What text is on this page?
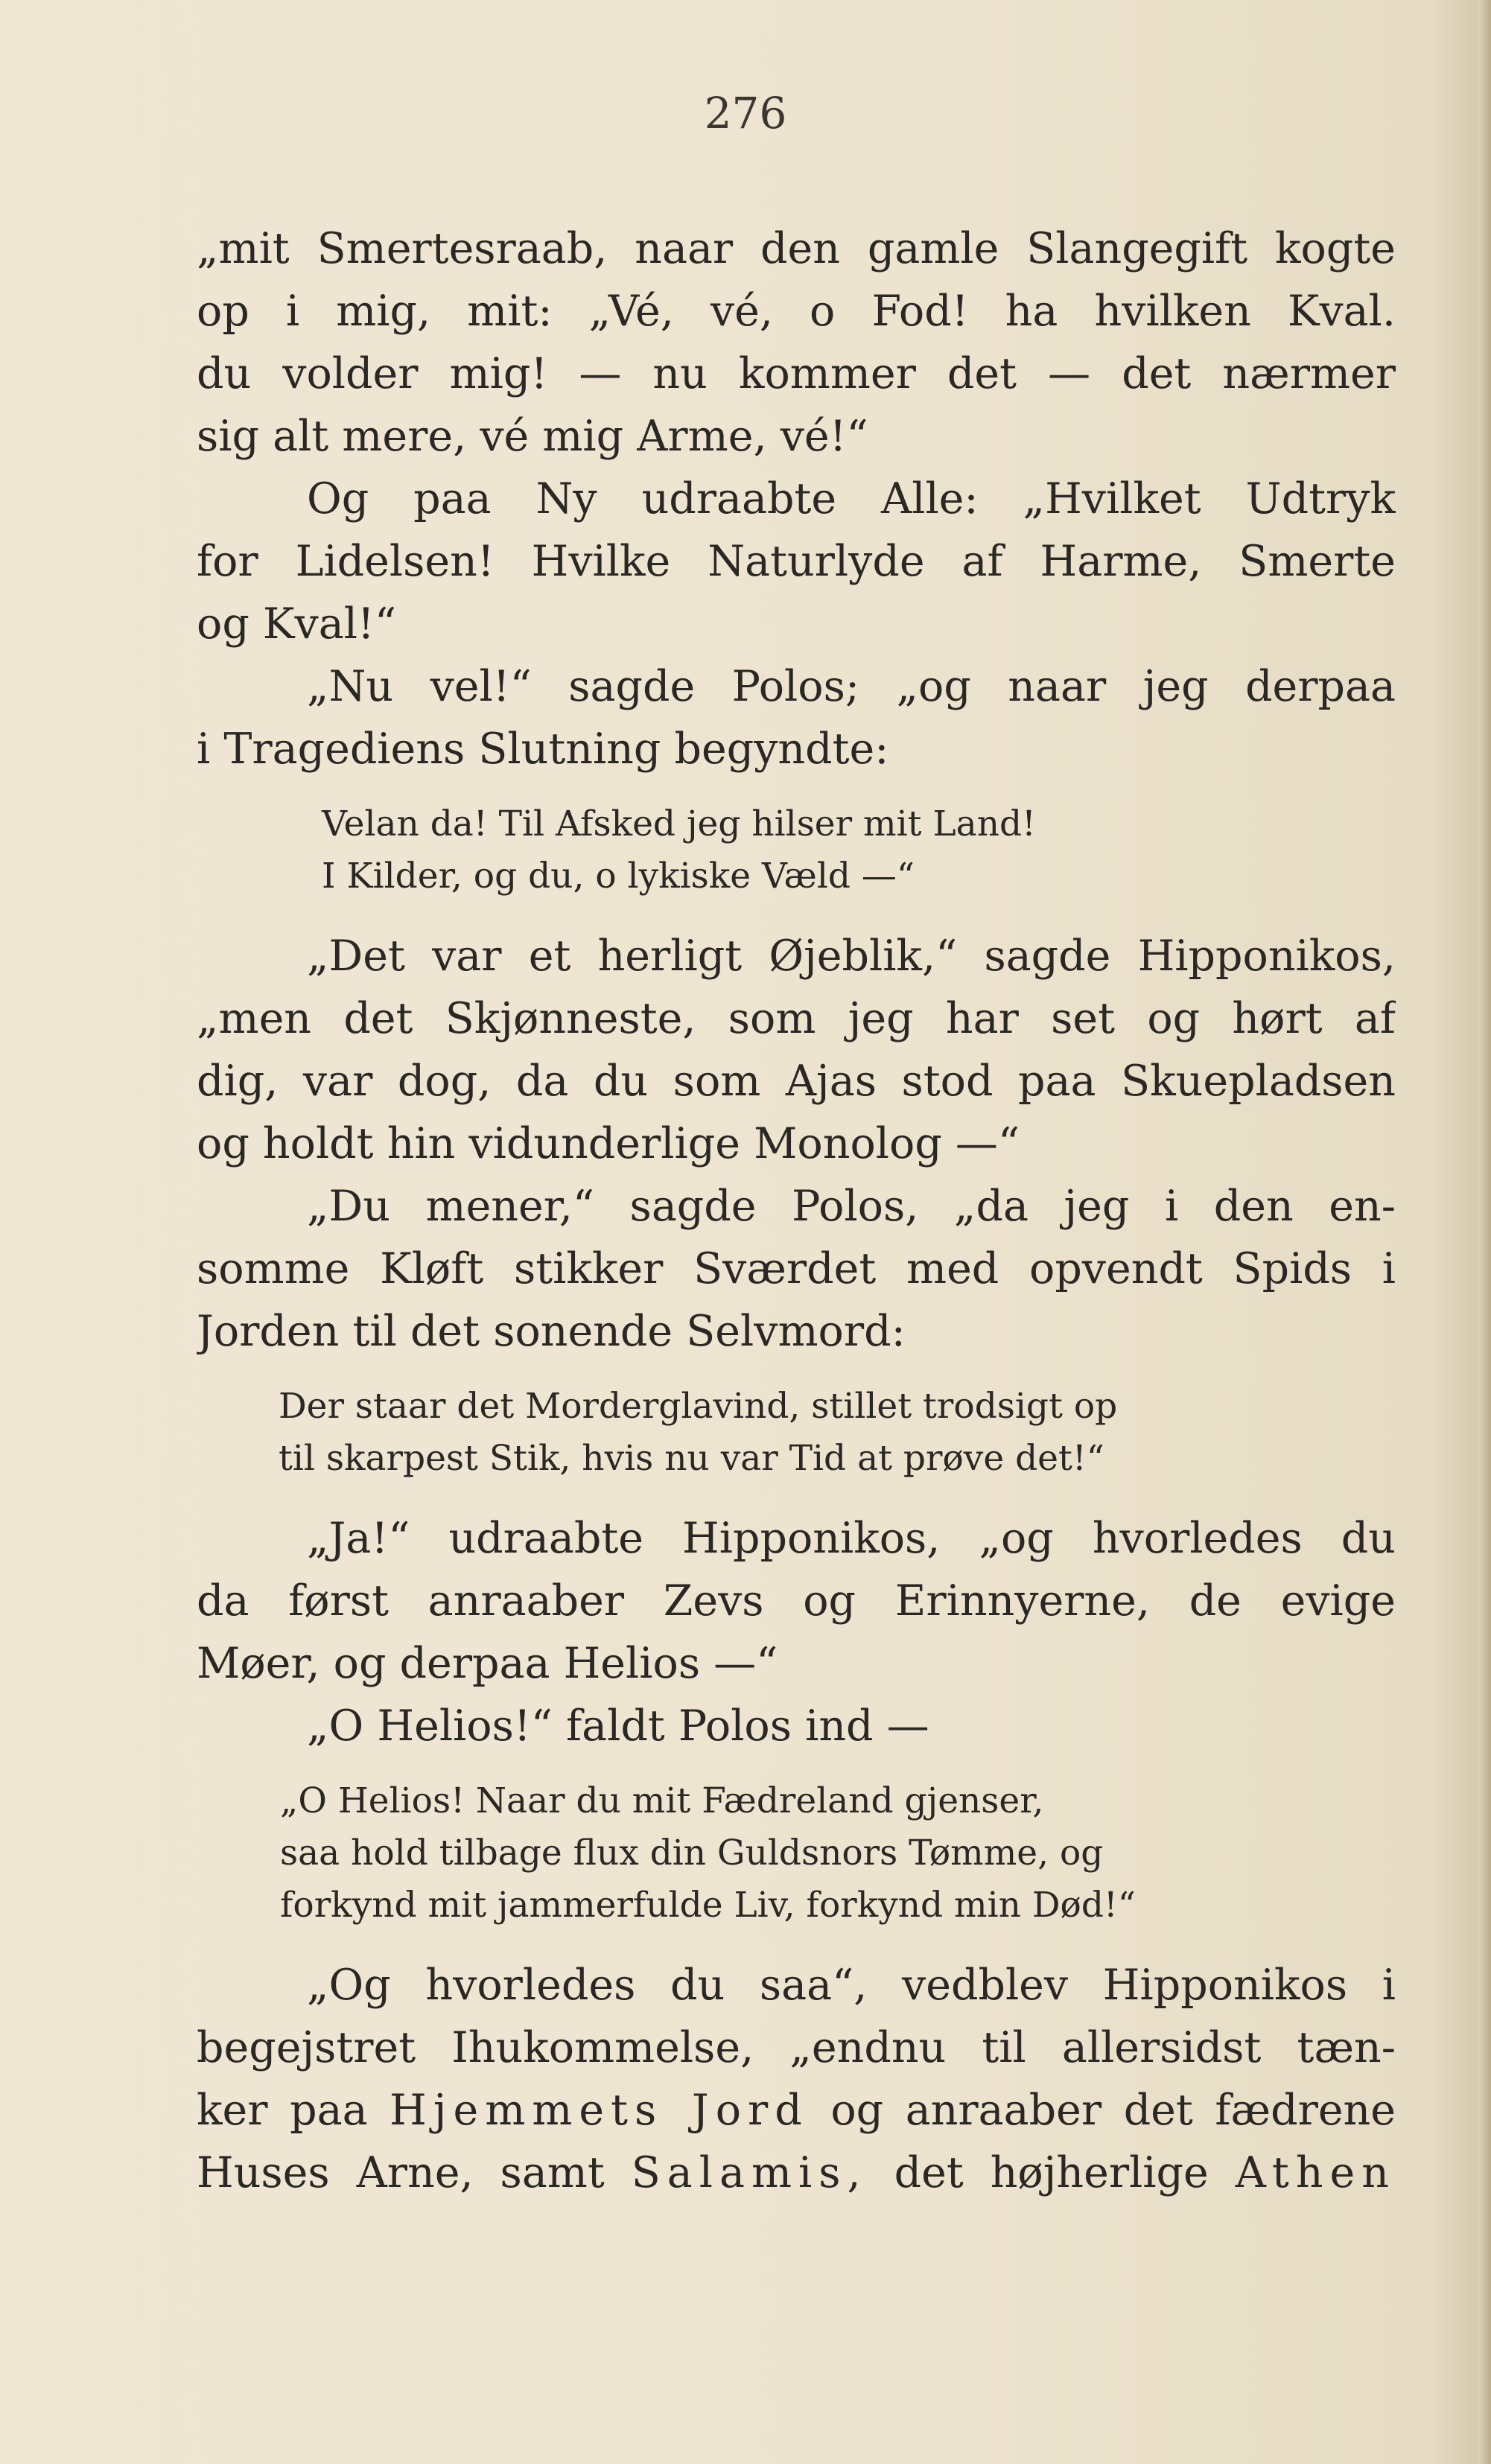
276
„mit Smertesraab, naar den gamle Slangegift kogte
op i mig, mit: „Vé, vé, o Fod! ha hvilken Kval.
du volder mig! — nu kommer det — det nærmer
sig alt mere, vé mig Arme, vé!“
Og paa Ny udraabte Alle: „Hvilket Udtryk
for Lidelsen! Hvilke Naturlyde af Harme, Smerte
og Kval!“
„Nu vel!“ sagde Polos; „og naar jeg derpaa
i Tragediens Slutning begyndte:
Velan da! Til Afsked jeg hilser mit Land!
I Kilder, og du, o lykiske Væld —“
„Det var et herligt Øjeblik,“ sagde Hipponikos,
„men det Skjønneste, som jeg har set og hørt af
dig, var dog, da du som Ajas stod paa Skuepladsen
og holdt hin vidunderlige Monolog —“
„Du mener,“ sagde Polos, „da jeg i den en-
somme Kløft stikker Sværdet med opvendt Spids i
Jorden til det sonende Selvmord:
Der staar det Morderglavind, stillet trodsigt op
til skarpest Stik, hvis nu var Tid at prøve det!“
„Ja!“ udraabte Hipponikos, „og hvorledes du
da først anraaber Zevs og Erinnyerne, de evige
Møer, og derpaa Helios —“
„O Helios!“ faldt Polos ind —
„O Helios! Naar du mit Fædreland gjenser,
saa hold tilbage flux din Guldsnors Tømme, og
forkynd mit jammerfulde Liv, forkynd min Død!“
„Og hvorledes du saa“, vedblev Hipponikos i
begejstret Ihukommelse, „endnu til allersidst tæn-
ker paa Hjemmets Jord og anraaber det fædrene
Huses Arne, samt Salamis, det højherlige Athen
